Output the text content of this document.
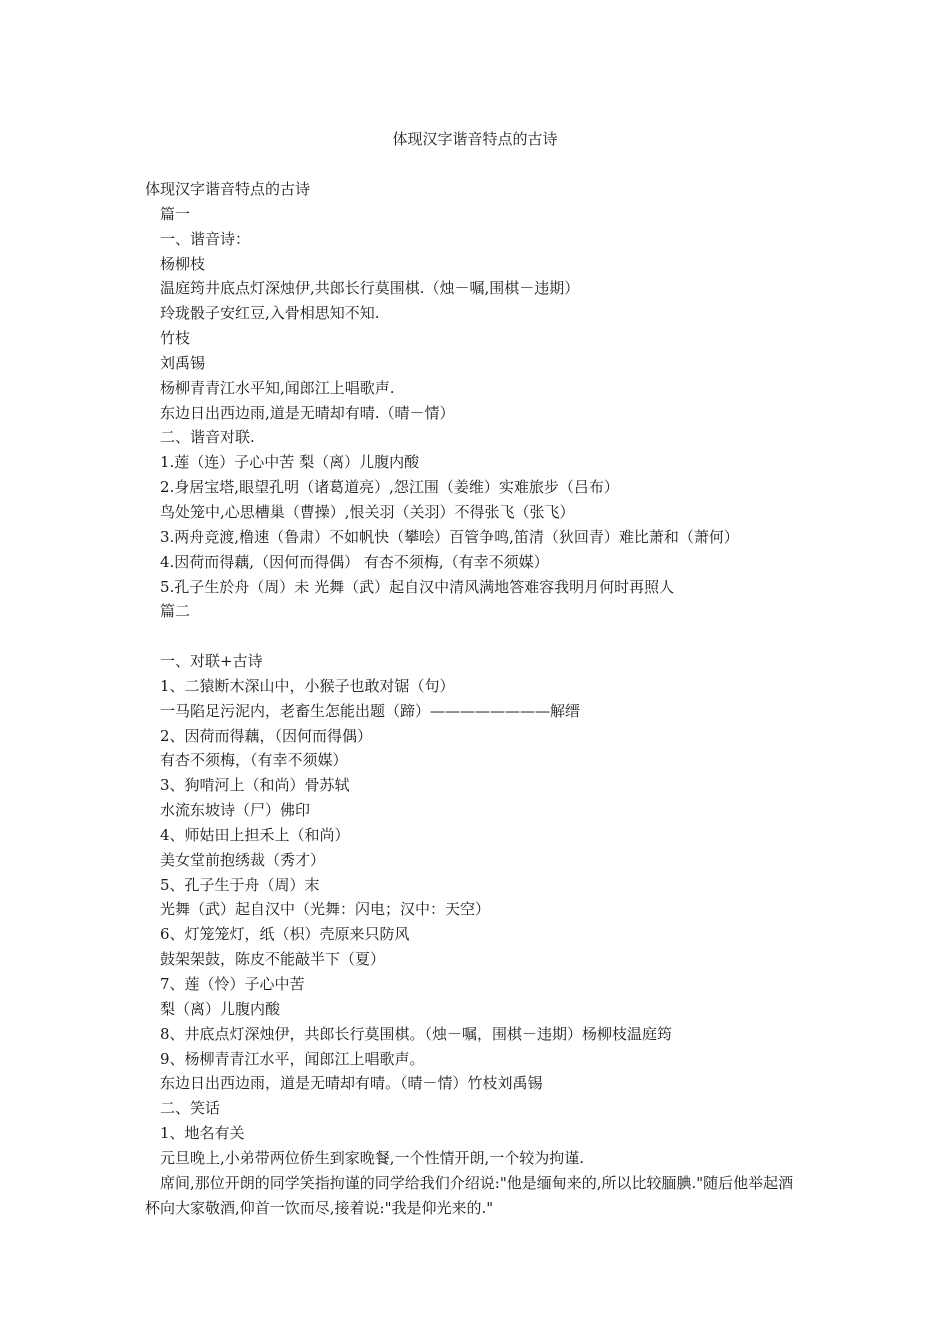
体现汉字谐音特点的古诗
体现汉字谐音特点的古诗
篇一
一、谐音诗：
杨柳枝
温庭筠井底点灯深烛伊,共郎长行莫围棋.（烛－嘱,围棋－违期）
玲珑骰子安红豆,入骨相思知不知.
竹枝
刘禹锡
杨柳青青江水平知,闻郎江上唱歌声.
东边日出西边雨,道是无晴却有晴.（晴－情）
二、谐音对联.
1.莲（连）子心中苦 梨（离）儿腹内酸
2.身居宝塔,眼望孔明（诸葛道亮）,怨江围（姜维）实难旅步（吕布）
鸟处笼中,心思槽巢（曹操）,恨关羽（关羽）不得张飞（张飞）
3.两舟竞渡,橹速（鲁肃）不如帆快（攀哙）百管争鸣,笛清（狄回青）难比萧和（萧何）
4.因荷而得藕,（因何而得偶） 有杏不须梅,（有幸不须媒）
5.孔子生於舟（周）未 光舞（武）起自汉中清风满地答难容我明月何时再照人
篇二
一、对联+古诗
1、二猿断木深山中，小猴子也敢对锯（句）
一马陷足污泥内，老畜生怎能出题（蹄）————————解缙
2、因荷而得藕，（因何而得偶）
有杏不须梅，（有幸不须媒）
3、狗啃河上（和尚）骨苏轼
水流东坡诗（尸）佛印
4、师姑田上担禾上（和尚）
美女堂前抱绣裁（秀才）
5、孔子生于舟（周）末
光舞（武）起自汉中（光舞：闪电；汉中：天空）
6、灯笼笼灯，纸（枳）壳原来只防风
鼓架架鼓，陈皮不能敲半下（夏）
7、莲（怜）子心中苦
梨（离）儿腹内酸
8、井底点灯深烛伊，共郎长行莫围棋。（烛－嘱，围棋－违期）杨柳枝温庭筠
9、杨柳青青江水平，闻郎江上唱歌声。
东边日出西边雨，道是无晴却有晴。（晴－情）竹枝刘禹锡
二、笑话
1、地名有关
元旦晚上,小弟带两位侨生到家晚餐,一个性情开朗,一个较为拘谨.
席间,那位开朗的同学笑指拘谨的同学给我们介绍说:"他是缅甸来的,所以比较腼腆."随后他举起酒杯向大家敬酒,仰首一饮而尽,接着说:"我是仰光来的."
